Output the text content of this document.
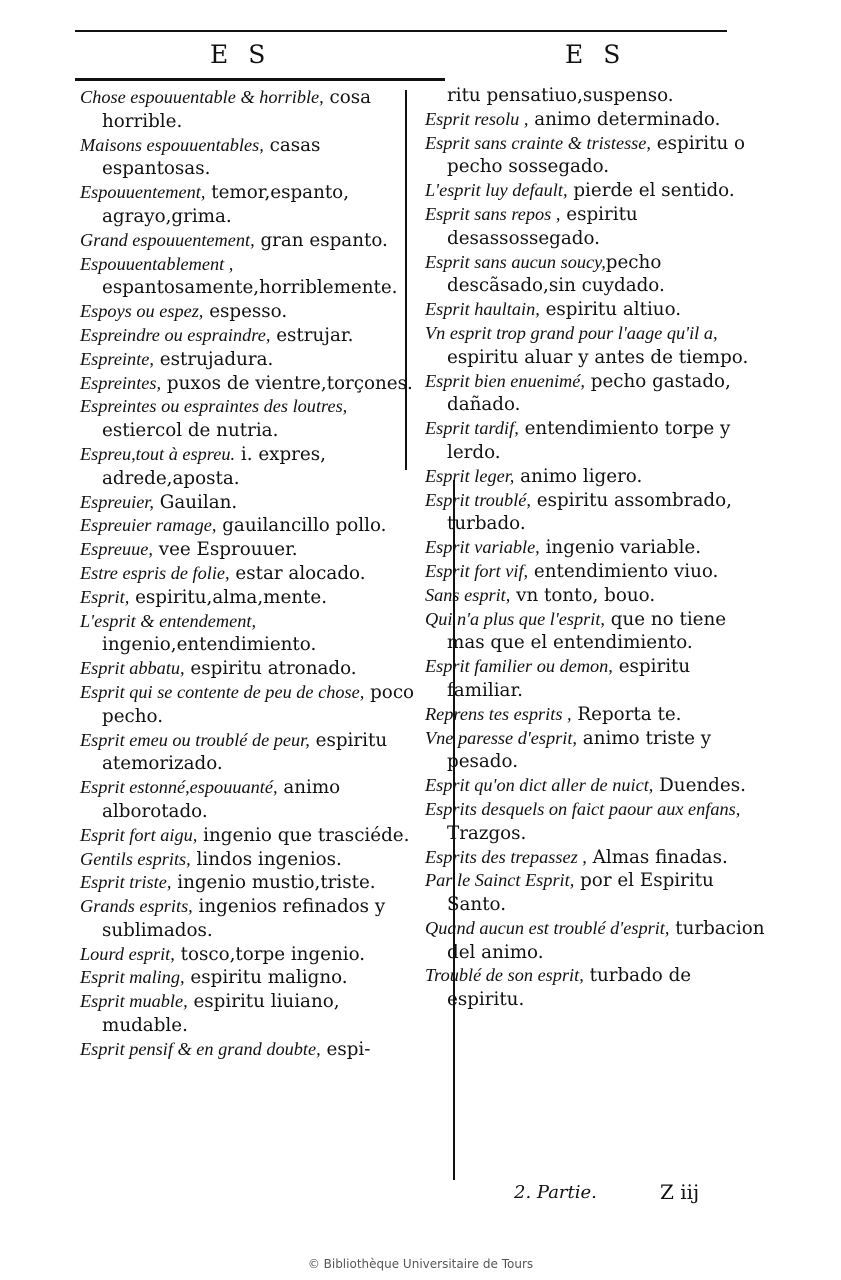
E S	E S

Chose espouuentable & horrible, cosa horrible.

Maisons espouuentables, casas espantosas.

Espouuentement, temor,espanto, agrayo,grima.

Grand espouuentement, gran espanto.

Espouuentablement , espantosamente,horriblemente.

Espoys ou espez, espesso.

Espreindre ou espraindre, estrujar.

Espreinte, estrujadura.

Espreintes, puxos de vientre,torçones.

Espreintes ou espraintes des loutres, estiercol de nutria.

Espreu,tout à espreu. i. expres, adrede,aposta.

Espreuier, Gauilan.

Espreuier ramage, gauilancillo pollo.

Espreuue, vee Esprouuer.

Estre espris de folie, estar alocado.

Esprit, espiritu,alma,mente.

L'esprit & entendement, ingenio,entendimiento.

Esprit abbatu, espiritu atronado.

Esprit qui se contente de peu de chose, poco pecho.

Esprit emeu ou troublé de peur, espiritu atemorizado.

Esprit estonné,espouuanté, animo alborotado.

Esprit fort aigu, ingenio que trasciéde.

Gentils esprits, lindos ingenios.

Esprit triste, ingenio mustio,triste.

Grands esprits, ingenios refinados y sublimados.

Lourd esprit, tosco,torpe ingenio.

Esprit maling, espiritu maligno.

Esprit muable, espiritu liuiano, mudable.

Esprit pensif & en grand doubte, espi-

ritu pensatiuo,suspenso.

Esprit resolu , animo determinado.

Esprit sans crainte & tristesse, espiritu o pecho sossegado.

L'esprit luy default, pierde el sentido.

Esprit sans repos , espiritu desassossegado.

Esprit sans aucun soucy,pecho descãsado,sin cuydado.

Esprit haultain, espiritu altiuo.

Vn esprit trop grand pour l'aage qu'il a, espiritu aluar y antes de tiempo.

Esprit bien enuenimé, pecho gastado, dañado.

Esprit tardif, entendimiento torpe y lerdo.

Esprit leger, animo ligero.

Esprit troublé, espiritu assombrado, turbado.

Esprit variable, ingenio variable.

Esprit fort vif, entendimiento viuo.

Sans esprit, vn tonto, bouo.

Qui n'a plus que l'esprit, que no tiene mas que el entendimiento.

Esprit familier ou demon, espiritu familiar.

Reprens tes esprits , Reporta te.

Vne paresse d'esprit, animo triste y pesado.

Esprit qu'on dict aller de nuict, Duendes.

Esprits desquels on faict paour aux enfans, Trazgos.

Esprits des trepassez , Almas finadas.

Par le Sainct Esprit, por el Espiritu Santo.

Quand aucun est troublé d'esprit, turbacion del animo.

Troublé de son esprit, turbado de espiritu.

2. Partie.	Z iij
© Bibliothèque Universitaire de Tours
